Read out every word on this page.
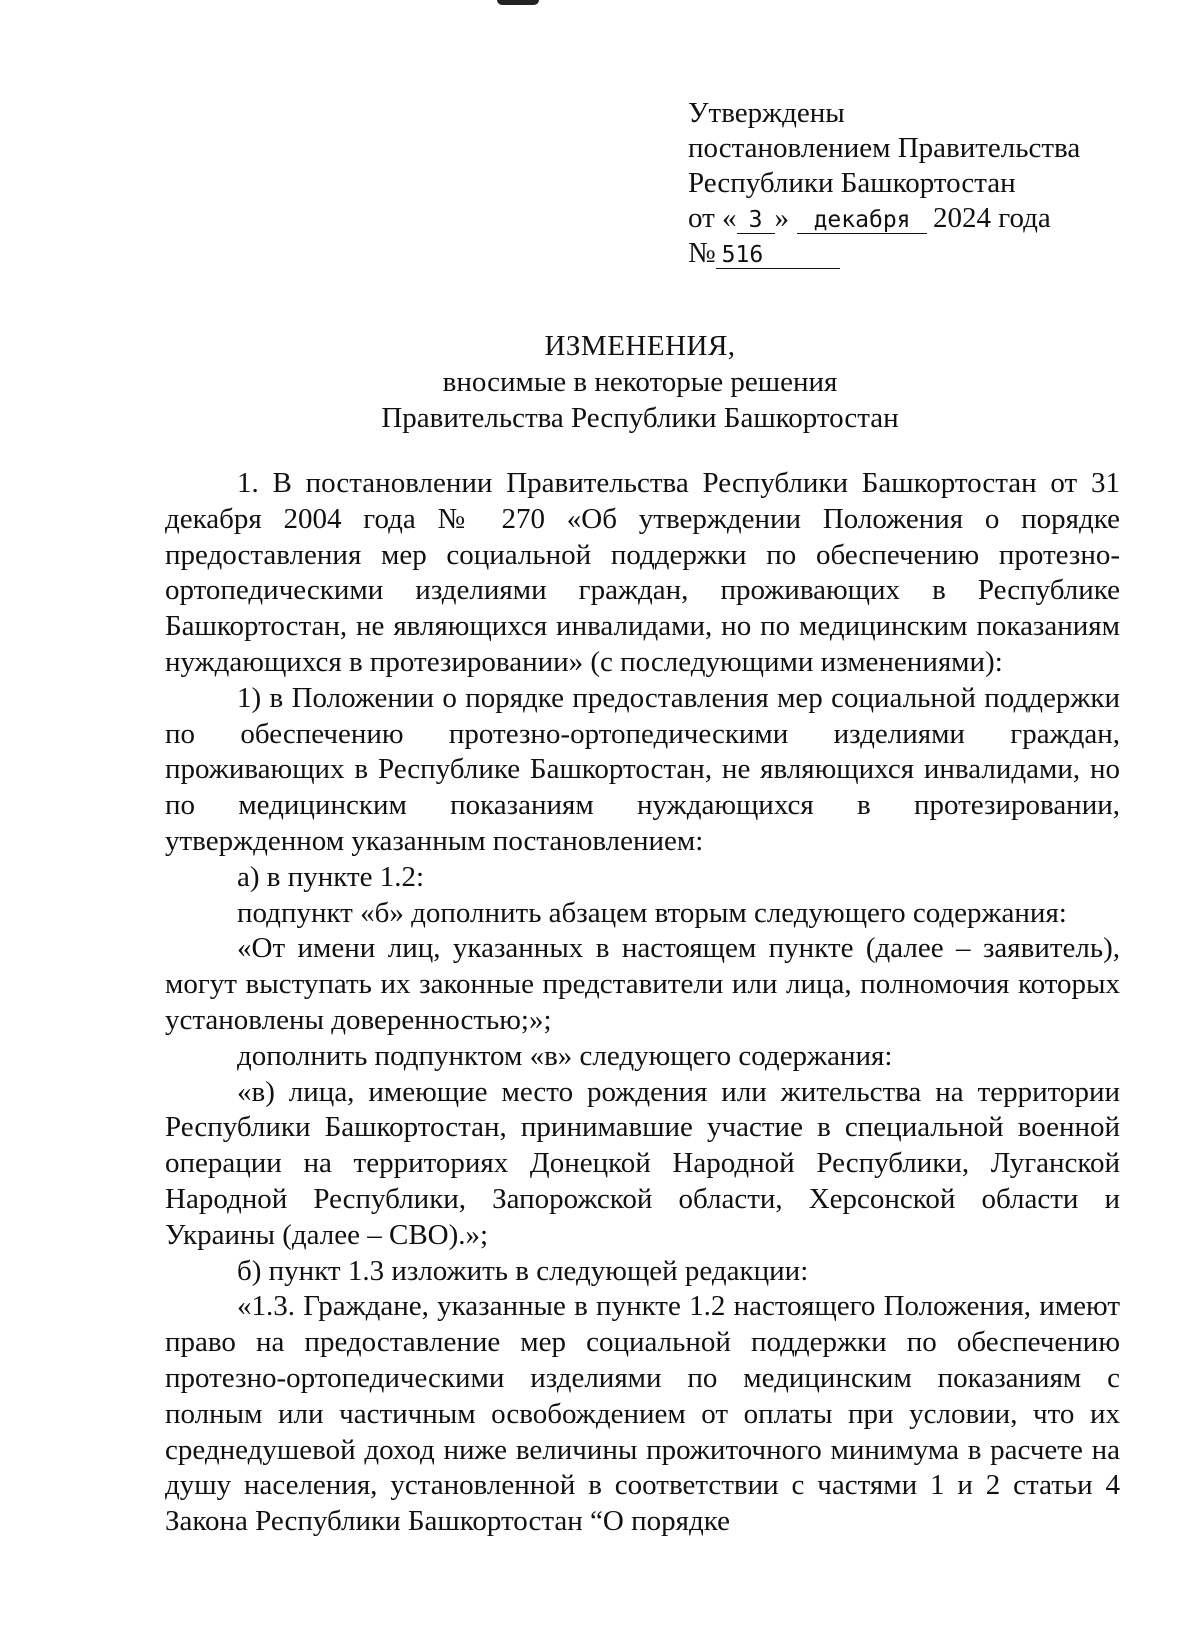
Утверждены
постановлением Правительства
Республики Башкортостан
от « 3 » декабря 2024 года
№ 516
ИЗМЕНЕНИЯ,
вносимые в некоторые решения
Правительства Республики Башкортостан

1. В постановлении Правительства Республики Башкортостан от 31 декабря 2004 года № 270 «Об утверждении Положения о порядке предоставления мер социальной поддержки по обеспечению протезно-ортопедическими изделиями граждан, проживающих в Республике Башкортостан, не являющихся инвалидами, но по медицинским показаниям нуждающихся в протезировании» (с последующими изменениями):

1) в Положении о порядке предоставления мер социальной поддержки по обеспечению протезно-ортопедическими изделиями граждан, проживающих в Республике Башкортостан, не являющихся инвалидами, но по медицинским показаниям нуждающихся в протезировании, утвержденном указанным постановлением:

а) в пункте 1.2:

подпункт «б» дополнить абзацем вторым следующего содержания:

«От имени лиц, указанных в настоящем пункте (далее – заявитель), могут выступать их законные представители или лица, полномочия которых установлены доверенностью;»;

дополнить подпунктом «в» следующего содержания:

«в) лица, имеющие место рождения или жительства на территории Республики Башкортостан, принимавшие участие в специальной военной операции на территориях Донецкой Народной Республики, Луганской Народной Республики, Запорожской области, Херсонской области и Украины (далее – СВО).»;

б) пункт 1.3 изложить в следующей редакции:

«1.3. Граждане, указанные в пункте 1.2 настоящего Положения, имеют право на предоставление мер социальной поддержки по обеспечению протезно-ортопедическими изделиями по медицинским показаниям с полным или частичным освобождением от оплаты при условии, что их среднедушевой доход ниже величины прожиточного минимума в расчете на душу населения, установленной в соответствии с частями 1 и 2 статьи 4 Закона Республики Башкортостан “О порядке
